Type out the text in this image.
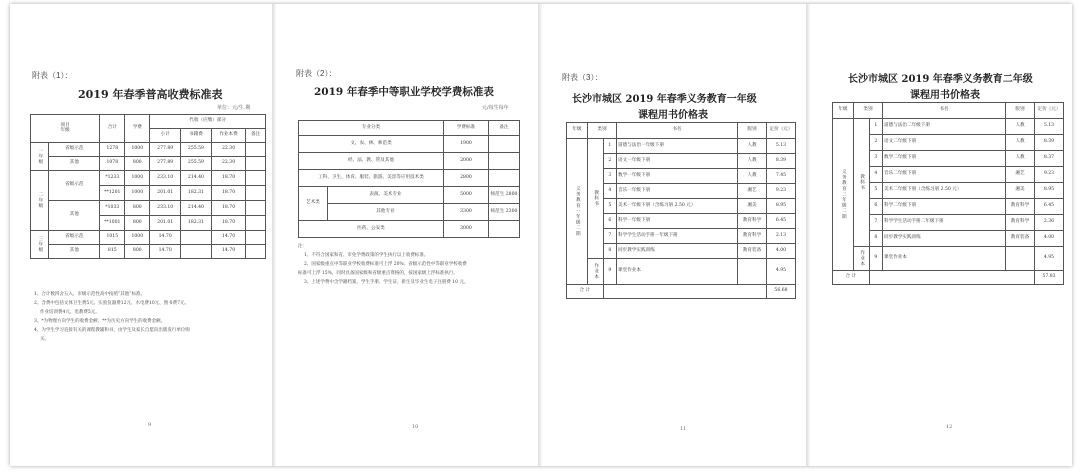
附表（1）：
2019 年春季普高收费标准表
单位：元/生.期
项目
年级		合计	学费	代收（应缴）部分			
				小计	书籍费	作业本费	备注
一年级	省级示范	1278	1000	277.89	255.59	22.30	
	其他	1078	800	277.89	255.59	22.30	
二年级	省级示范	*1233	1000	233.10	214.40	18.70	
		**1201	1000	201.01	182.31	18.70	
	其他	*1033	800	233.10	214.40	18.70	
		**1001	800	201.01	182.31	18.70	
三年级	省级示范	1015	1000	14.70		14.70	
	其他	815	800	14.70		14.70	
1、合计数四舍五入，市级示范性高中按照“其他”标准。
2、含费中包括文体卫生费5元、实验仪器费12元、水电费10元、图书费7元、
作业培训费4元、电教费5元。
3、*为物理方向学生的收费金额；**为历史方向学生的收费金额。
4、为学生学习直接有关的课程教辅和书，由学生及家长自愿向出版发行单位购
买。
9
附表（2）：
2019 年春季中等职业学校学费标准表
元/每生每年
专业分类		学费标准	备注
文、农、林、师范类		1900	
经、法、教、管及其他		2000	
工科、卫生、体育、服装、旅游、美容等应用技术类		2800	
艺术类	表演、美术专业	5000	师范生 2800
	其他专业	3300	师范生 2300
医药、公安类		3000	
注：
1、不符合国家和省、市免学费政策的学生执行以上收费标准。
2、国家级重点中等职业学校收费标准可上浮 20%；省级示范性中等职业学校收费
标准可上浮 15%，同时具备国家级和省级重点资格的，按国家级上浮标准执行。
3、上述学费中含学籍档案、学生手册、学生证、新生及毕业生电子注册费 10 元。
10
附表（3）：
长沙市城区 2019 年春季义务教育一年级
课程用书价格表
年级	类别		书名	版别	定价（元）
义务教育一年级二期	教科书	1	道德与法治一年级下册	人教	5.13
		2	语文一年级下册	人教	8.39
		3	数学一年级下册	人教	7.45
		4	音乐一年级下册	湘艺	9.23
		5	美术一年级下册（含练习册 2.50 元）	湘美	8.95
		6	科学一年级下册	教育科学	6.45
		7	科学学生活动手册一年级下册	教育科学	2.13
		8	同步教学实践训练	教育装备	4.00
	作业本	9	课堂作业本		4.95
合 计					56.68
11
长沙市城区 2019 年春季义务教育二年级
课程用书价格表
年级	类别		书名	版别	定价（元）
义务教育二年级二期	教科书	1	道德与法治二年级下册	人教	5.13
		2	语文二年级下册	人教	8.39
		3	数学二年级下册	人教	8.37
		4	音乐二年级下册	湘艺	9.23
		5	美术二年级下册（含练习册 2.50 元）	湘美	8.95
		6	科学二年级下册	教育科学	6.45
		7	科学学生活动手册二年级下册	教育科学	2.36
		8	同步教学实践训练	教育装备	4.00
	作业本	9	课堂作业本		4.95
合 计					57.83
12
